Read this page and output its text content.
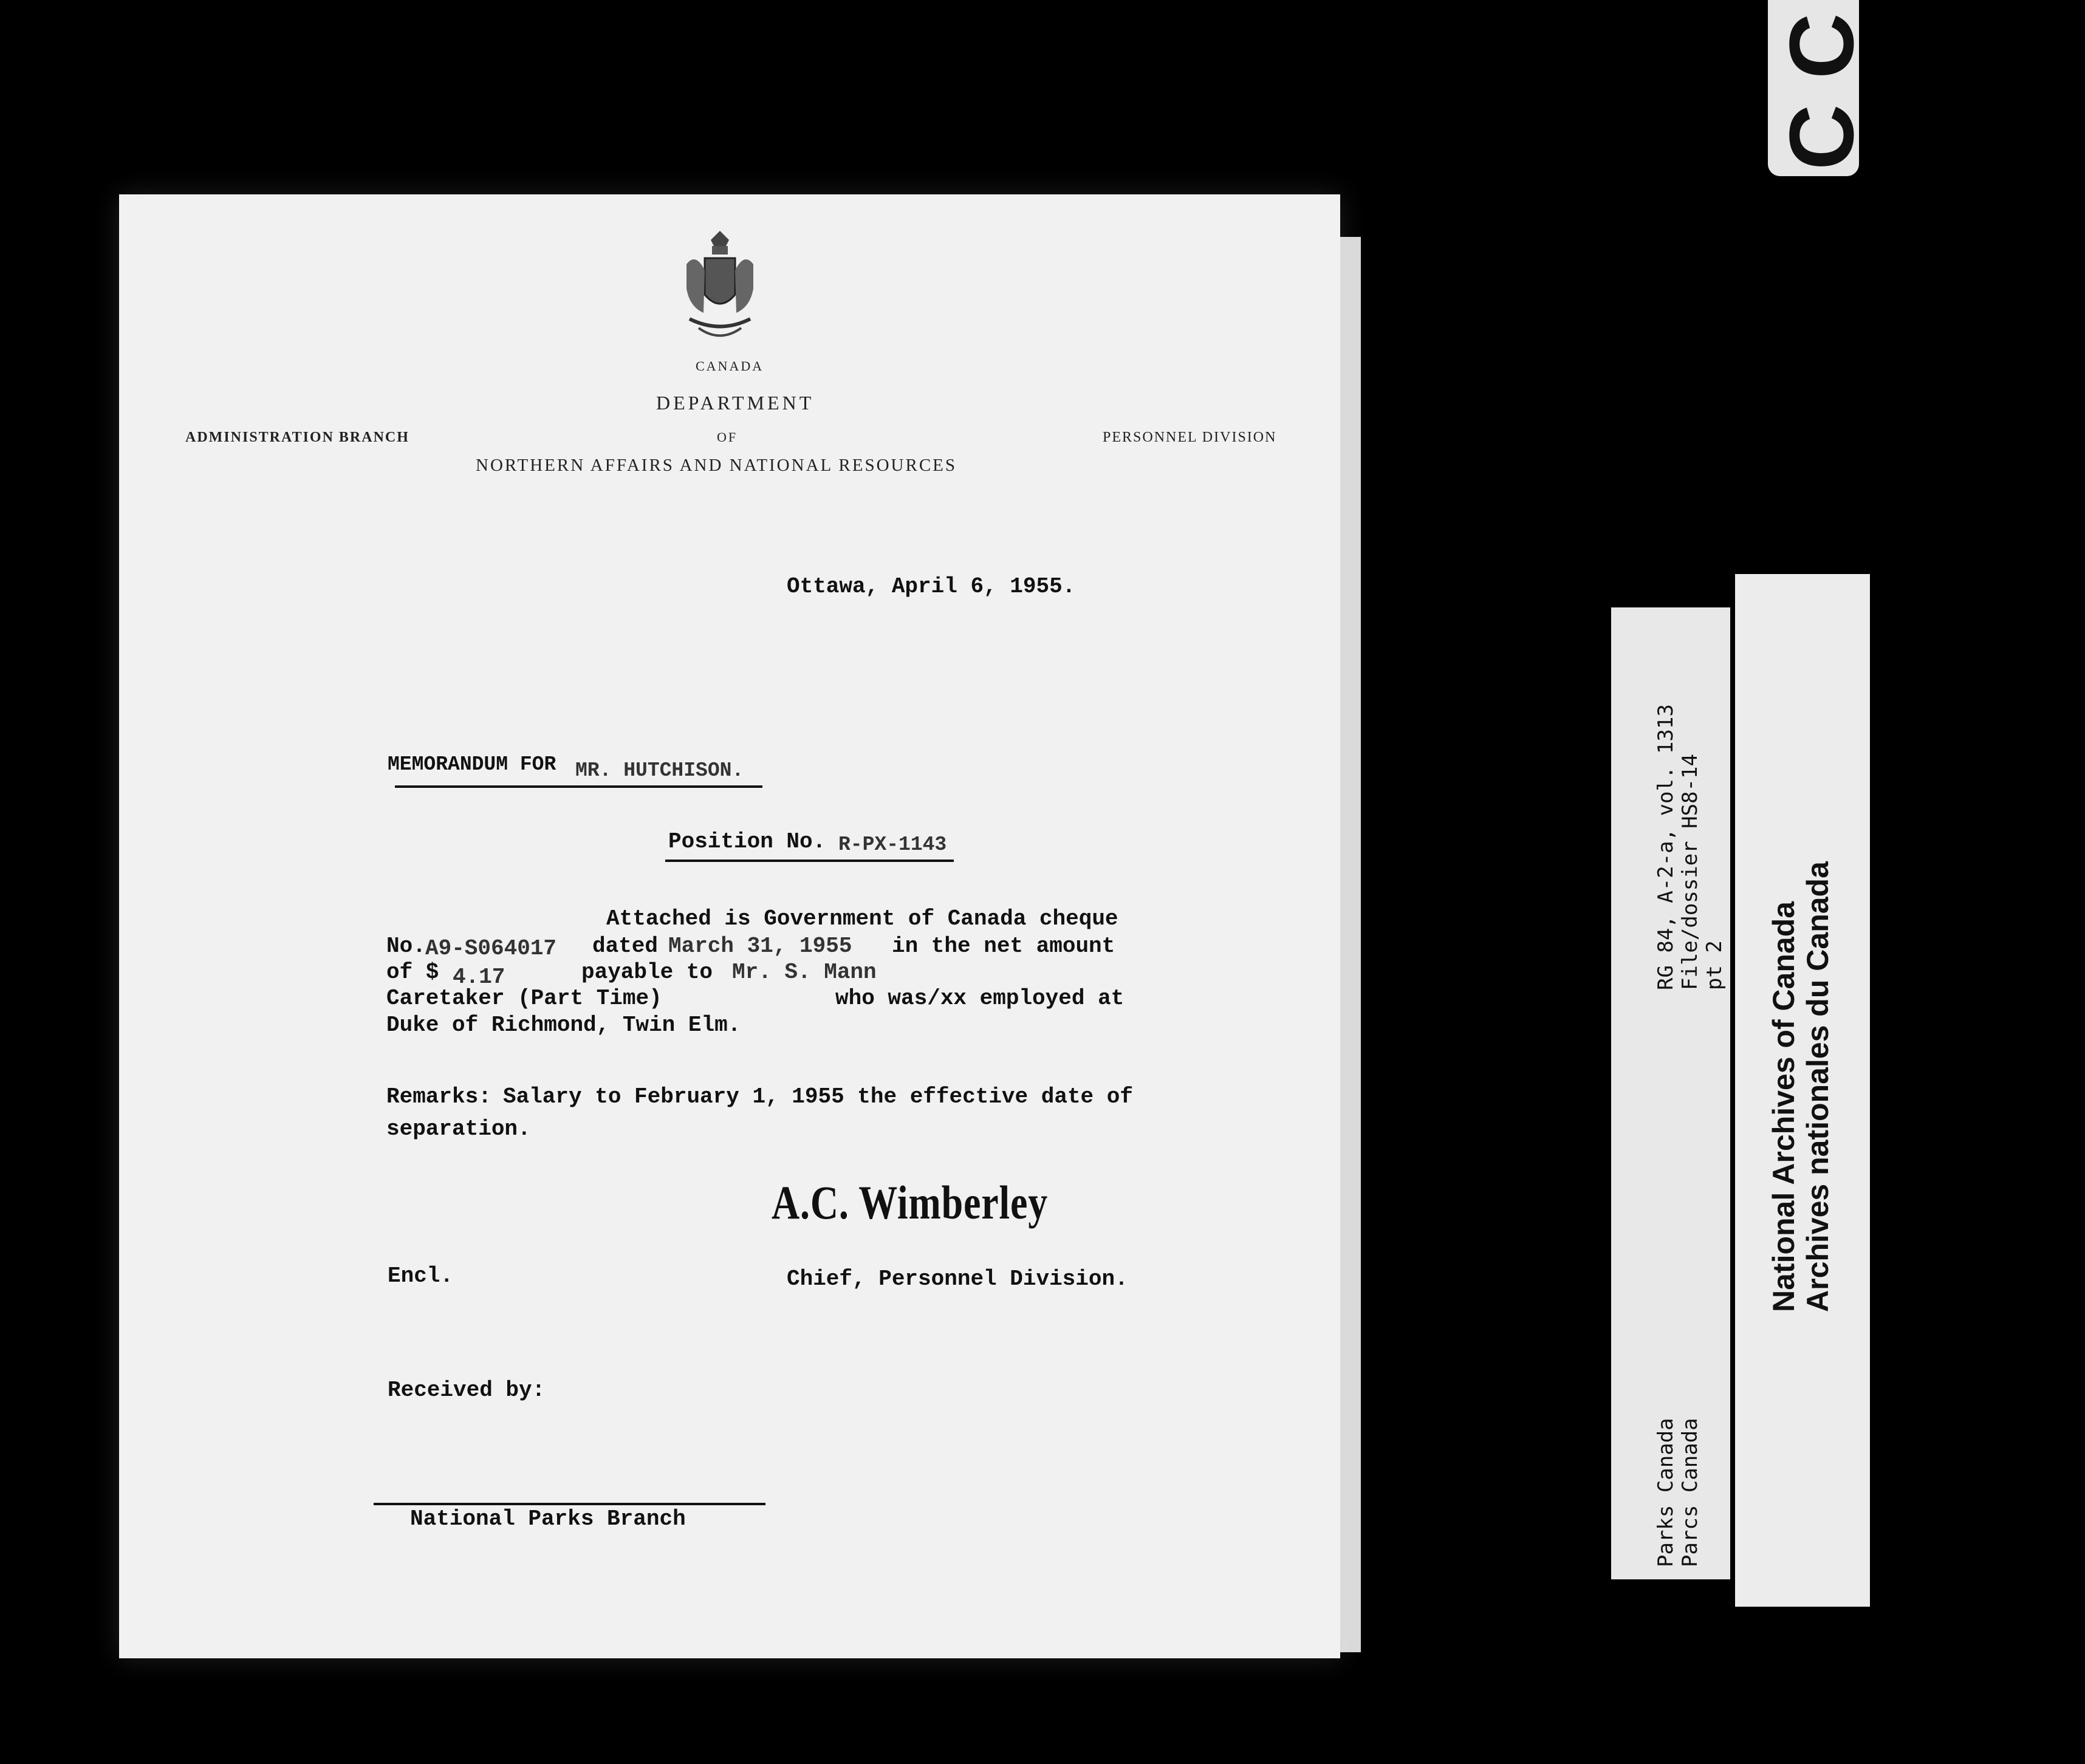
CANADA
DEPARTMENT
OF
NORTHERN AFFAIRS AND NATIONAL RESOURCES
ADMINISTRATION BRANCH	PERSONNEL DIVISION
Ottawa, April 6, 1955.
MEMORANDUM FOR MR. HUTCHISON.
Position No. R-PX-1143
Attached is Government of Canada cheque
No. A9-S064017 dated March 31, 1955 in the net amount
of $ 4.17	payable to Mr. S. Mann
Caretaker (Part Time)	who was/xx employed at
Duke of Richmond, Twin Elm.
Remarks: Salary to February 1, 1955 the effective date of
separation.
A.C. Wimberley
Encl.	Chief, Personnel Division.
Received by:
National Parks Branch
RG 84, A-2-a, vol. 1313 File/dossier HS8-14 pt 2
Parks Canada Parcs Canada
National Archives of Canada Archives nationales du Canada
C C
